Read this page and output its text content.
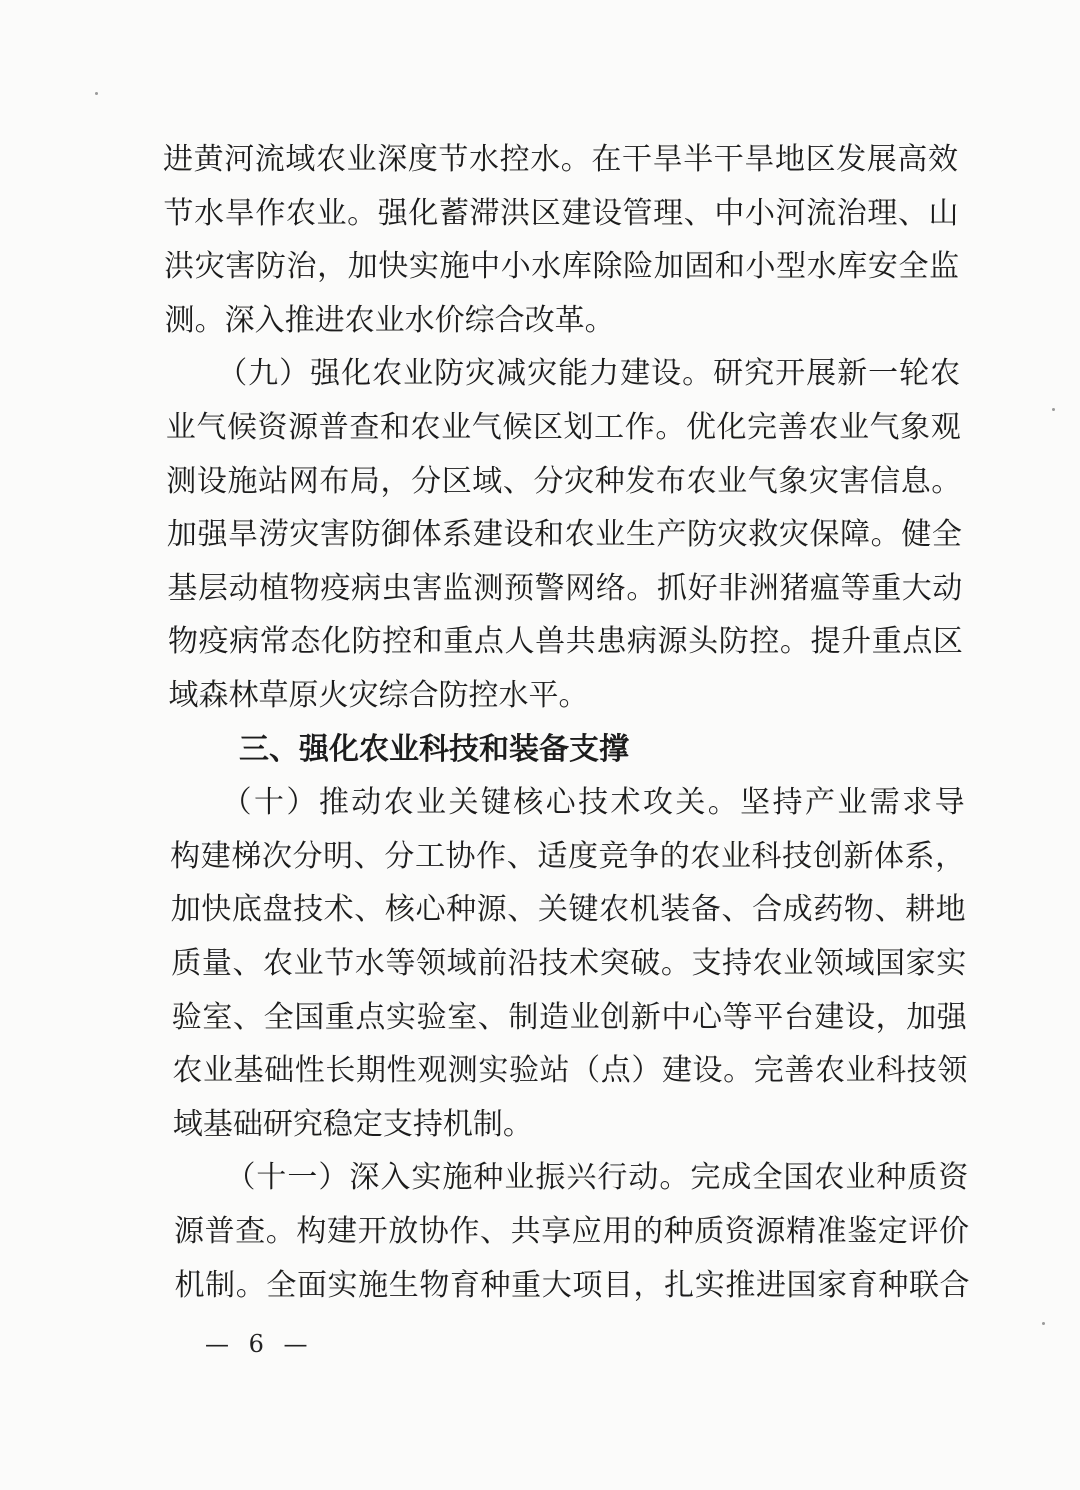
— 6 —
进黄河流域农业深度节水控水。在干旱半干旱地区发展高效
节水旱作农业。强化蓄滞洪区建设管理、中小河流治理、山
洪灾害防治，加快实施中小水库除险加固和小型水库安全监
测。深入推进农业水价综合改革。
（九）强化农业防灾减灾能力建设。研究开展新一轮农
业气候资源普查和农业气候区划工作。优化完善农业气象观
测设施站网布局，分区域、分灾种发布农业气象灾害信息。
加强旱涝灾害防御体系建设和农业生产防灾救灾保障。健全
基层动植物疫病虫害监测预警网络。抓好非洲猪瘟等重大动
物疫病常态化防控和重点人兽共患病源头防控。提升重点区
域森林草原火灾综合防控水平。
三、强化农业科技和装备支撑
（十）推动农业关键核心技术攻关。坚持产业需求导
构建梯次分明、分工协作、适度竞争的农业科技创新体系，
加快底盘技术、核心种源、关键农机装备、合成药物、耕地
质量、农业节水等领域前沿技术突破。支持农业领域国家实
验室、全国重点实验室、制造业创新中心等平台建设，加强
农业基础性长期性观测实验站（点）建设。完善农业科技领
域基础研究稳定支持机制。
（十一）深入实施种业振兴行动。完成全国农业种质资
源普查。构建开放协作、共享应用的种质资源精准鉴定评价
机制。全面实施生物育种重大项目，扎实推进国家育种联合
